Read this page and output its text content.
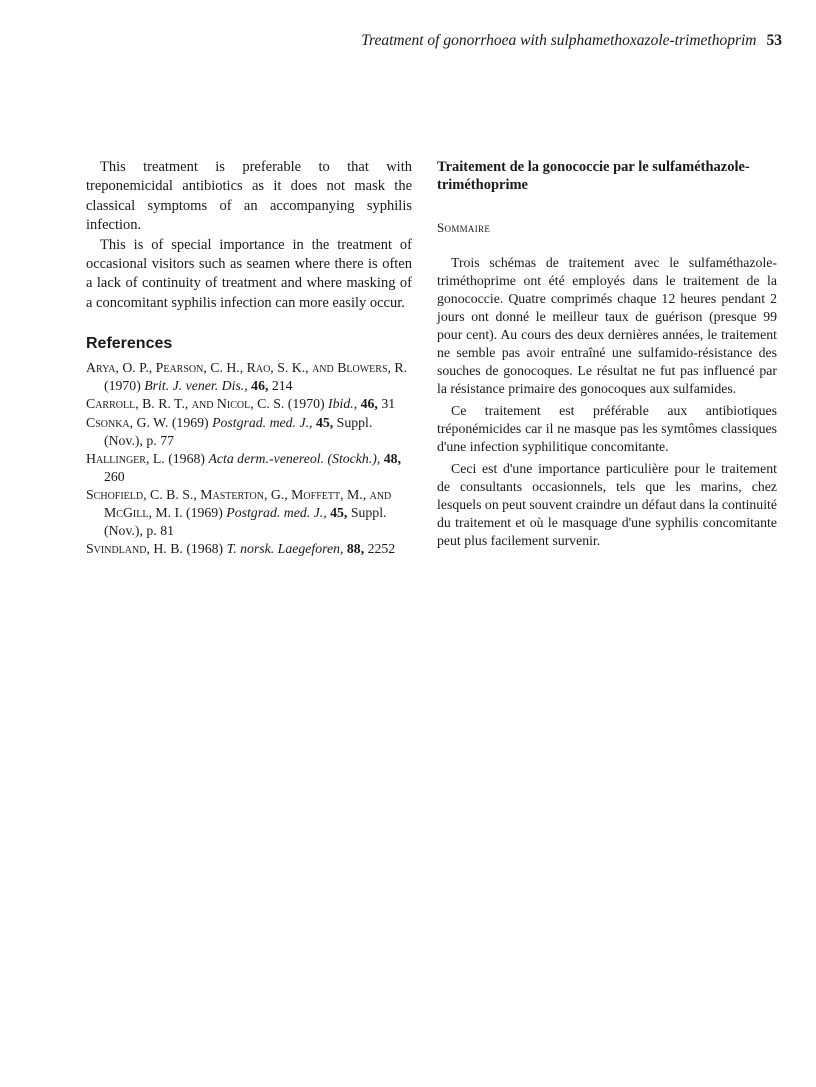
Treatment of gonorrhoea with sulphamethoxazole-trimethoprim 53

This treatment is preferable to that with treponemicidal antibiotics as it does not mask the classical symptoms of an accompanying syphilis infection.

This is of special importance in the treatment of occasional visitors such as seamen where there is often a lack of continuity of treatment and where masking of a concomitant syphilis infection can more easily occur.

References
Arya, O. P., Pearson, C. H., Rao, S. K., and Blowers, R. (1970) Brit. J. vener. Dis., 46, 214
Carroll, B. R. T., and Nicol, C. S. (1970) Ibid., 46, 31
Csonka, G. W. (1969) Postgrad. med. J., 45, Suppl. (Nov.), p. 77
Hallinger, L. (1968) Acta derm.-venereol. (Stockh.), 48, 260
Schofield, C. B. S., Masterton, G., Moffett, M., and McGill, M. I. (1969) Postgrad. med. J., 45, Suppl. (Nov.), p. 81
Svindland, H. B. (1968) T. norsk. Laegeforen, 88, 2252
Traitement de la gonococcie par le sulfaméthazole-triméthoprime
Sommaire

Trois schémas de traitement avec le sulfaméthazole-triméthoprime ont été employés dans le traitement de la gonococcie. Quatre comprimés chaque 12 heures pendant 2 jours ont donné le meilleur taux de guérison (presque 99 pour cent). Au cours des deux dernières années, le traitement ne semble pas avoir entraîné une sulfamido-résistance des souches de gonocoques. Le résultat ne fut pas influencé par la résistance primaire des gonocoques aux sulfamides.

Ce traitement est préférable aux antibiotiques tréponémicides car il ne masque pas les symtômes classiques d'une infection syphilitique concomitante.

Ceci est d'une importance particulière pour le traitement de consultants occasionnels, tels que les marins, chez lesquels on peut souvent craindre un défaut dans la continuité du traitement et où le masquage d'une syphilis concomitante peut plus facilement survenir.
